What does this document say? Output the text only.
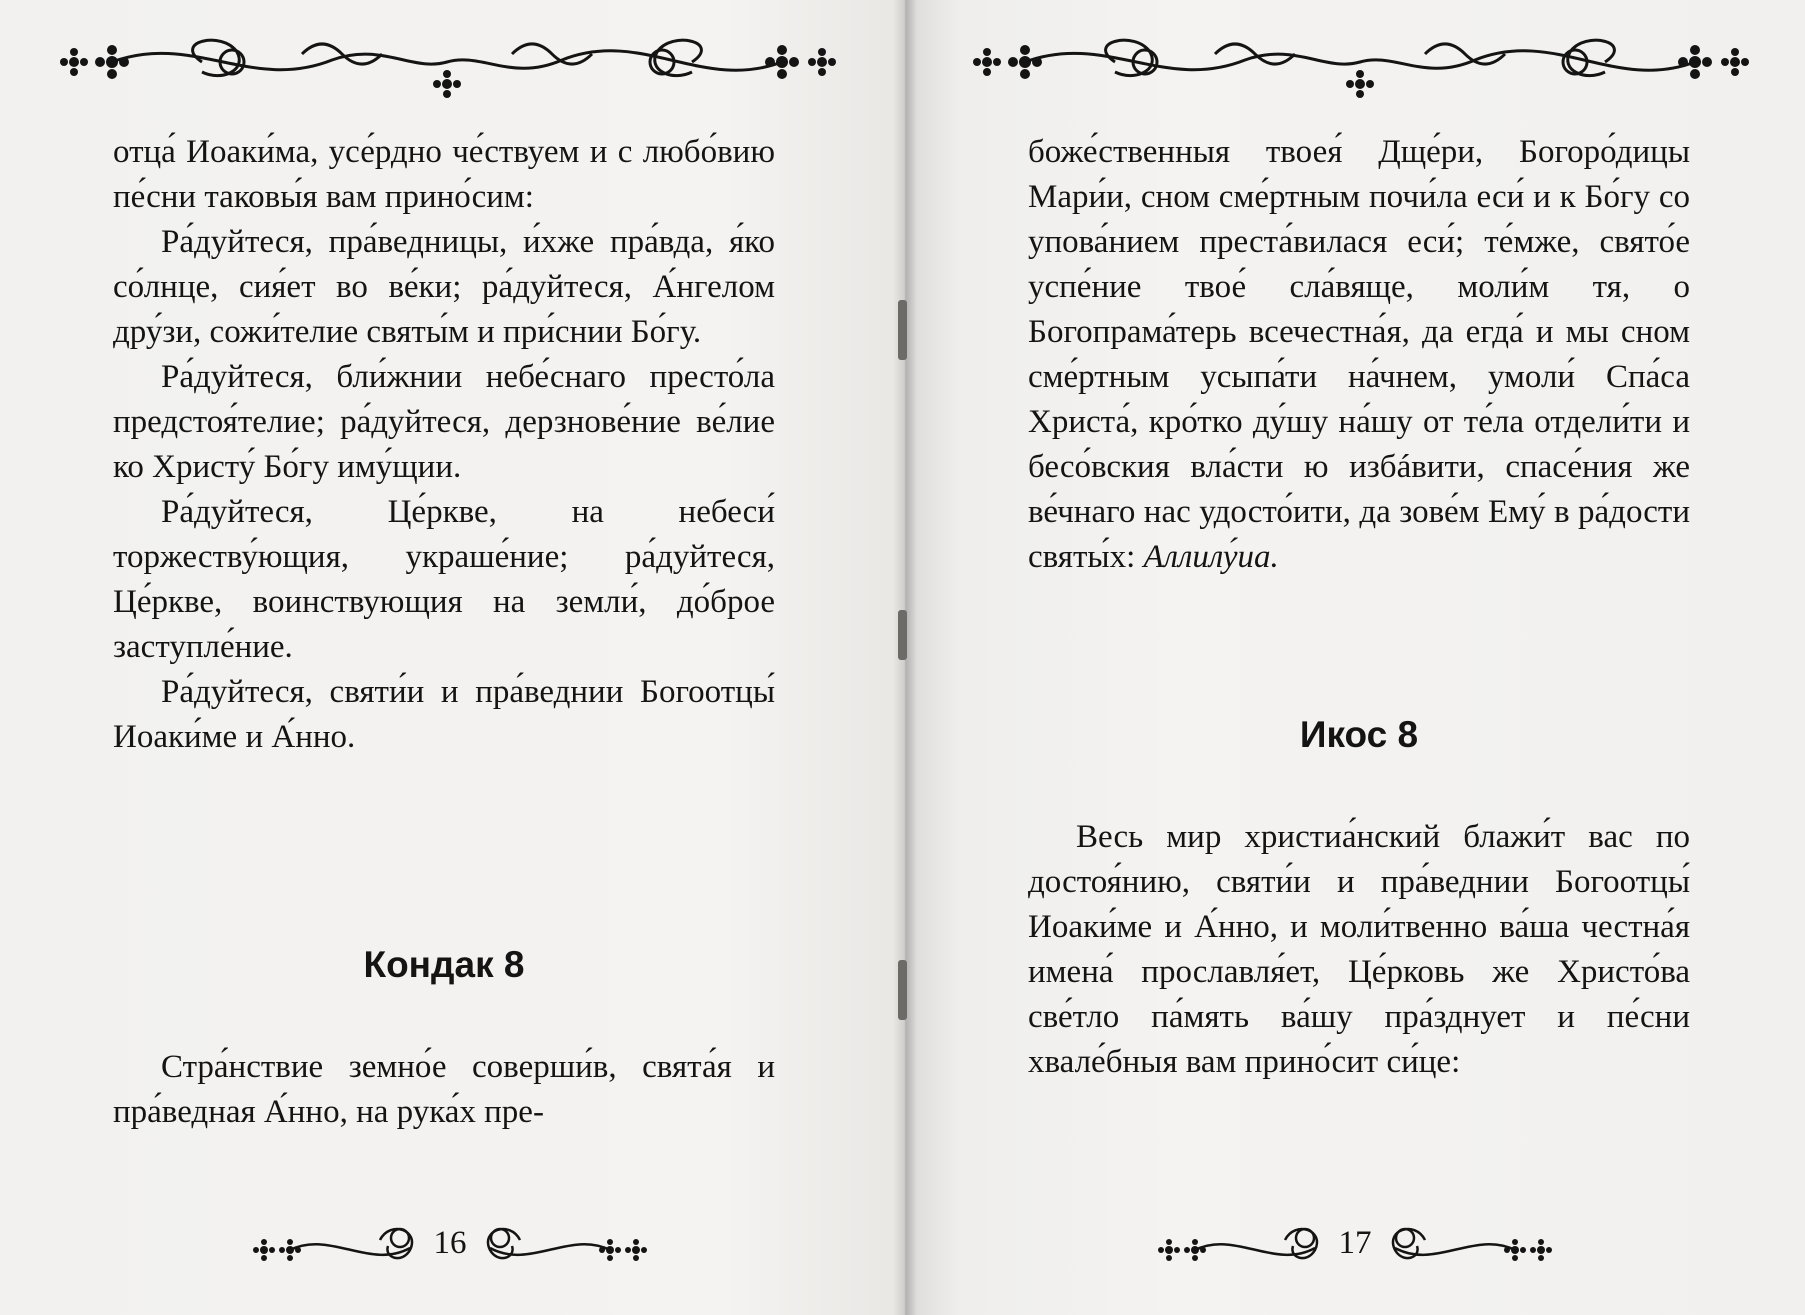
отца́ Иоаки́ма, усе́рдно че́ствуем и с любо́вию пе́сни таковы́я вам прино́сим:

Ра́дуйтеся, пра́ведницы, и́хже пра́вда, я́ко со́лнце, сия́ет во ве́ки; ра́дуйтеся, А́нгелом дру́зи, сожи́телие святы́м и при́снии Бо́гу.

Ра́дуйтеся, бли́жнии небе́снаго престо́ла предстоя́телие; ра́дуйтеся, дерзнове́ние ве́лие ко Христу́ Бо́гу иму́щии.

Ра́дуйтеся, Це́ркве, на небеси́ торжеству́ющия, украше́ние; ра́дуйтеся, Це́ркве, воинствующия на земли́, до́брое заступле́ние.

Ра́дуйтеся, святи́и и пра́веднии Богоотцы́ Иоаки́ме и А́нно.

Кондак 8

Стра́нствие земно́е соверши́в, свята́я и пра́ведная А́нно, на рука́х пре-

16

боже́ственныя твоея́ Дще́ри, Богоро́дицы Мари́и, сном сме́ртным почи́ла еси́ и к Бо́гу со упова́нием преста́вилася еси́; те́мже, свято́е успе́ние твое́ сла́вяще, моли́м тя, о Богопрама́терь всечестна́я, да егда́ и мы сном сме́ртным усыпа́ти на́чнем, умоли́ Спа́са Христа́, кро́тко ду́шу на́шу от те́ла отдели́ти и бесо́вския вла́сти ю избáвити, спасе́ния же ве́чнаго нас удосто́ити, да зове́м Ему́ в ра́дости святы́х: Аллилу́иа.

Икос 8

Весь мир христиа́нский блажи́т вас по достоя́нию, святи́и и пра́веднии Богоотцы́ Иоаки́ме и А́нно, и моли́твенно ва́ша честна́я имена́ прославля́ет, Це́рковь же Христо́ва све́тло па́мять ва́шу пра́зднует и пе́сни хвале́бныя вам прино́сит си́це:

17
